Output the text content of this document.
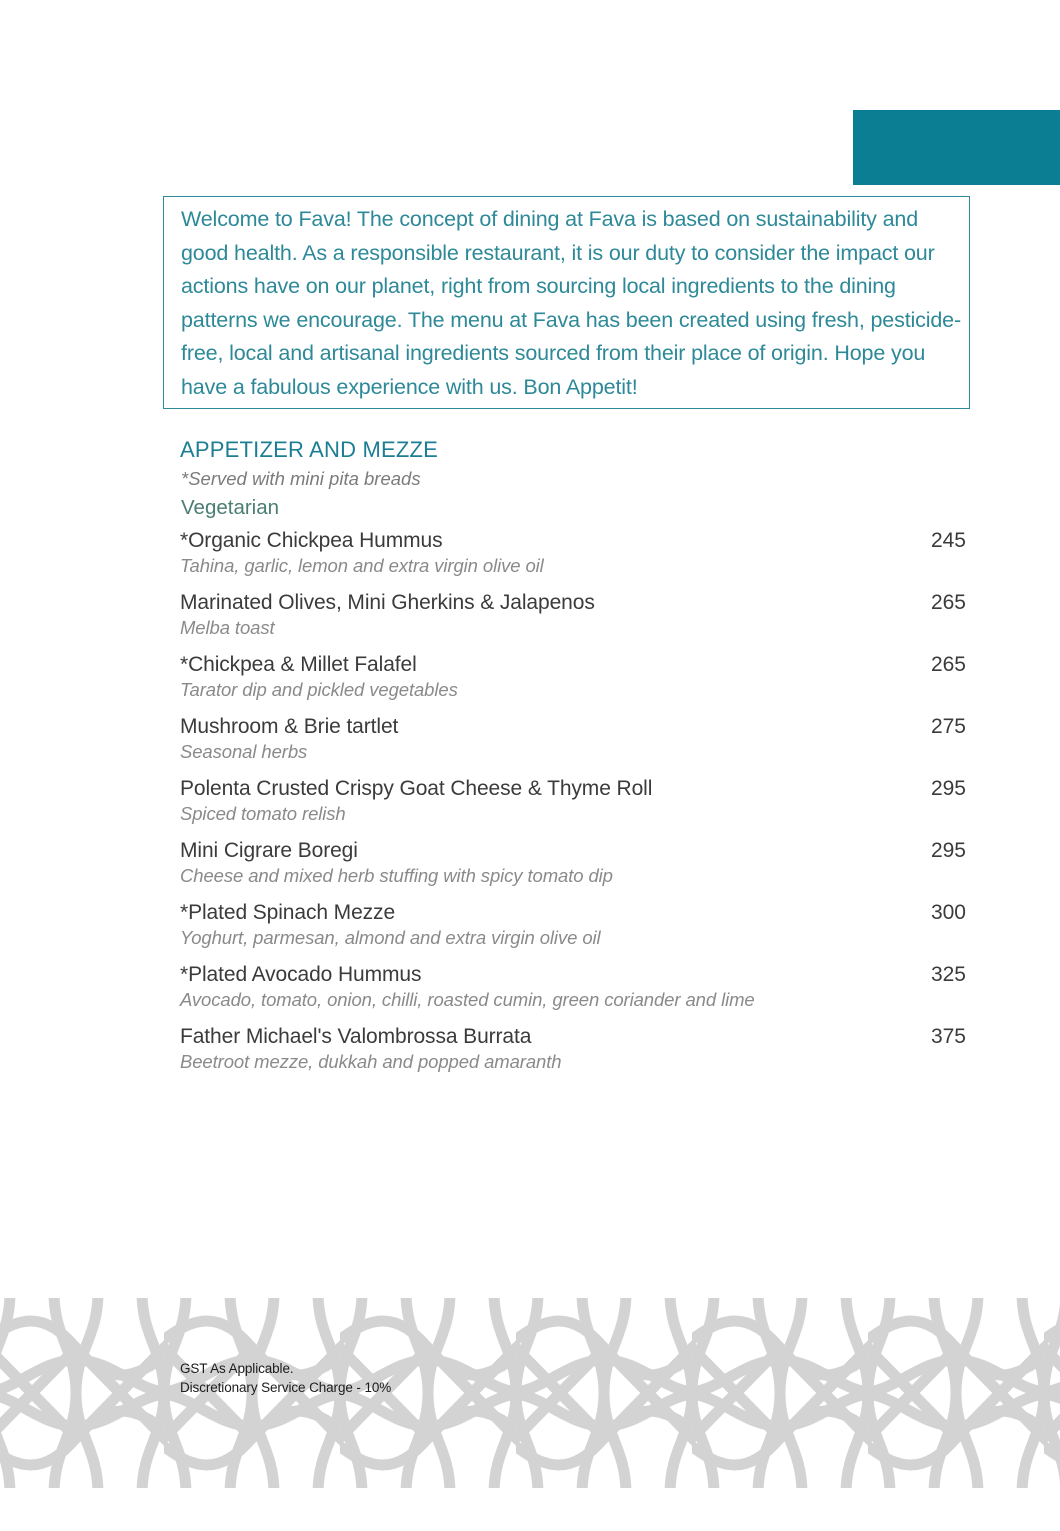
Welcome to Fava! The concept of dining at Fava is based on sustainability and good health. As a responsible restaurant, it is our duty to consider the impact our actions have on our planet, right from sourcing local ingredients to the dining patterns we encourage. The menu at Fava has been created using fresh, pesticide-free, local and artisanal ingredients sourced from their place of origin. Hope you have a fabulous experience with us. Bon Appetit!
APPETIZER AND MEZZE
*Served with mini pita breads
Vegetarian
*Organic Chickpea Hummus	245
Tahina, garlic, lemon and extra virgin olive oil
Marinated Olives, Mini Gherkins & Jalapenos	265
Melba toast
*Chickpea & Millet Falafel	265
Tarator dip and pickled vegetables
Mushroom & Brie tartlet	275
Seasonal herbs
Polenta Crusted Crispy Goat Cheese & Thyme Roll	295
Spiced tomato relish
Mini Cigrare Boregi	295
Cheese and mixed herb stuffing with spicy tomato dip
*Plated Spinach Mezze	300
Yoghurt, parmesan, almond and extra virgin olive oil
*Plated Avocado Hummus	325
Avocado, tomato, onion, chilli, roasted cumin, green coriander and lime
Father Michael's Valombrossa Burrata	375
Beetroot mezze, dukkah and popped amaranth
GST As Applicable.
Discretionary Service Charge - 10%
